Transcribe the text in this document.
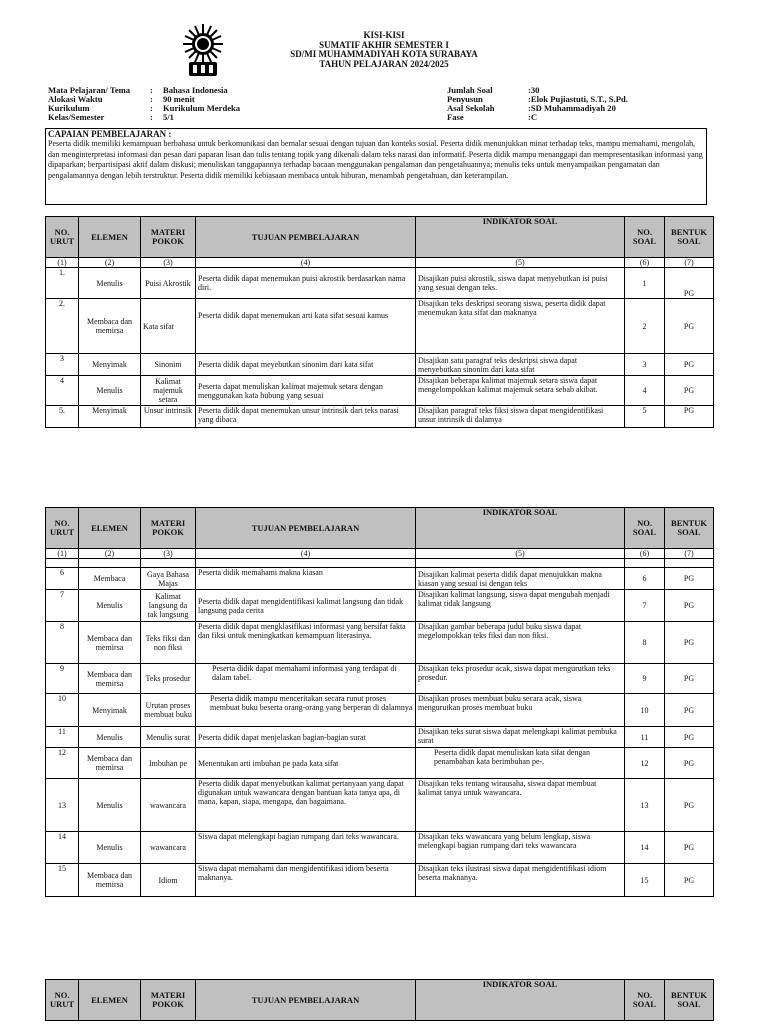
KISI-KISI
SUMATIF AKHIR SEMESTER I
SD/MI MUHAMMADIYAH KOTA SURABAYA
TAHUN PELAJARAN 2024/2025
Mata Pelajaran/ Tema : Bahasa Indonesia
Alokasi Waktu	: 90 menit
Kurikulum	: Kurikulum Merdeka
Kelas/Semester	: 5/1
Jumlah Soal	:30
Penyusun	:Elok Pujiastuti, S.T., S.Pd.
Asal Sekolah	:SD Muhammadiyah 20
Fase	:C
CAPAIAN PEMBELAJARAN :
Peserta didik memiliki kemampuan berbahasa untuk berkomunikasi dan bernalar sesuai dengan tujuan dan konteks sosial. Peserta didik menunjukkan minat terhadap teks, mampu memahami, mengolah, dan menginterpretasi informasi dan pesan dari paparan lisan dan tulis tentang topik yang dikenali dalam teks narasi dan informatif. Peserta didik mampu menanggapi dan mempresentasikan informasi yang dipaparkan; berpartisipasi aktif dalam diskusi; menuliskan tanggapannya terhadap bacaan menggunakan pengalaman dan pengetahuannya; menulis teks untuk menyampaikan pengamatan dan pengalamannya dengan lebih terstruktur. Peserta didik memiliki kebiasaan membaca untuk hiburan, menambah pengetahuan, dan keterampilan.
NO. URUT	ELEMEN	MATERI POKOK	TUJUAN PEMBELAJARAN	INDIKATOR SOAL	NO. SOAL	BENTUK SOAL
(1)	(2)	(3)	(4)	(5)	(6)	(7)
1.	Menulis	Puisi Akrostik	Peserta didik dapat menemukan puisi akrostik berdasarkan nama diri.	Disajikan puisi akrostik, siswa dapat menyebutkan isi puisi yang sesuai dengan teks.	1	PG
2.	Membaca dan memirsa	Kata sifat	Peserta didik dapat menemukan arti kata sifat sesuai kamus	Disajikan teks deskripsi seorang siswa, peserta didik dapat menemukan kata sifat dan maknanya	2	PG
3	Menyimak	Sinonim	Peserta didik dapat meyebutkan sinonim dari kata sifat	Disajikan satu paragraf teks deskripsi siswa dapat menyebutkan sinonim dari kata sifat	3	PG
4	Menulis	Kalimat majemuk setara	Peserta dapat menuliskan kalimat majemuk setara dengan menggunakan kata hubung yang sesuai	Disajikan beberapa kalimat majemuk setara siswa dapat mengelompokkan kalimat majemuk setara sebab akibat.	4	PG
5.	Menyimak	Unsur intrinsik	Peserta didik dapat menemukan unsur intrinsik dari teks narasi yang dibaca	Disajikan paragraf teks fiksi siswa dapat mengidentifikasi unsur intrinsik di dalamya	5	PG
NO. URUT	ELEMEN	MATERI POKOK	TUJUAN PEMBELAJARAN	INDIKATOR SOAL	NO. SOAL	BENTUK SOAL
(1)	(2)	(3)	(4)	(5)	(6)	(7)

6	Membaca	Gaya Bahasa Majas	Peserta didik memahami makna kiasan	Disajikan kalimat peserta didik dapat menujukkan makna kiasan yang sesuai isi dengan teks	6	PG
7	Menulis	Kalimat langsung da tak langsung	Peserta didik dapat mengidentifikasi kalimat langsung dan tidak langsung pada cerita	Disajikan kalimat langsung, siswa dapat mengubah menjadi kalimat tidak langsung	7	PG
8	Membaca dan memirsa	Teks fiksi dan non fiksi	Peserta didik dapat mengklasifikasi informasi yang bersifat fakta dan fiksi untuk meningkatkan kemampuan literasinya.	Disajikan gambar beberapa judul buku siswa dapat megelompokkan teks fiksi dan non fiksi.	8	PG
9	Membaca dan memirsa	Teks prosedur	Peserta didik dapat memahami informasi yang terdapat di dalam tabel.	Disajikan teks prosedur acak, siswa dapat mengurutkan teks prosedur.	9	PG
10	Menyimak	Urutan proses membuat buku	Peserta didik mampu menceritakan secara runut proses membuat buku beserta orang-orang yang berperan di dalamnya	Disajikan proses membuat buku secara acak, siswa mengurutkan proses membuat buku	10	PG
11	Menulis	Menulis surat	Peserta didik dapat menjelaskan bagian-bagian surat	Disajikan teks surat siswa dapat melengkapi kalimat pembuka surat	11	PG
12	Membaca dan memirsa	Imbuhan pe	Menentukan arti imbuhan pe pada kata sifat	Peserta didik dapat menuliskan kata sifat dengan penambahan kata berimbuhan pe-.	12	PG
13	Menulis	wawancara	Peserta didik dapat menyebutkan kalimat pertanyaan yang dapat digunakan untuk wawancara dengan bantuan kata tanya apa, di mana, kapan, siapa, mengapa, dan bagaimana.	Disajikan teks tentang wirausaha, siswa dapat membuat kalimat tanya untuk wawancara.	13	PG
14	Menulis	wawancara	Siswa dapat melengkapi bagian rumpang dari teks wawancara.	Disajikan teks wawancara yang belum lengkap, siswa melengkapi bagian rumpang dari teks wawancara	14	PG
15	Membaca dan memirsa	Idiom	Siswa dapat memahami dan mengidentifikasi idiom beserta maknanya.	Disajikan teks ilustrasi siswa dapat mengidentifikasi idiom beserta maknanya.	15	PG
NO. URUT	ELEMEN	MATERI POKOK	TUJUAN PEMBELAJARAN	INDIKATOR SOAL	NO. SOAL	BENTUK SOAL
